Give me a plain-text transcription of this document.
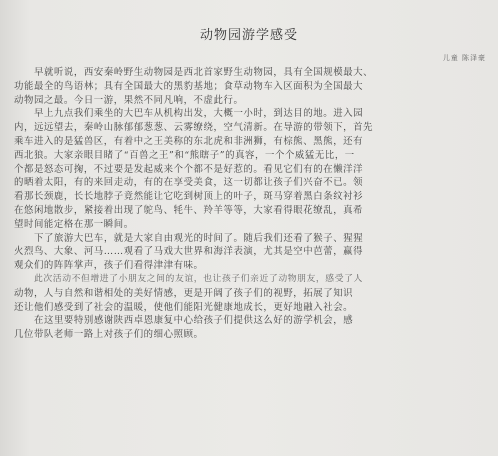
动物园游学感受
儿童 陈泽豪
早就听说，西安秦岭野生动物园是西北首家野生动物园，具有全国规模最大、
功能最全的鸟语林；具有全国最大的黑豹基地；食草动物车入区面积为全国最大
动物园之最。今日一游，果然不同凡响，不虚此行。
早上九点我们乘坐的大巴车从机构出发，大概一小时，到达目的地。进入园
内，远远望去，秦岭山脉郁郁葱葱、云雾缭绕，空气清新。在导游的带领下，首先
乘车进入的是猛兽区，有着中之王美称的东北虎和非洲狮，有棕熊、黑熊，还有
西北狼。大家亲眼目睹了“百兽之王”和“熊瞎子”的真容，一个个威猛无比，一
个都是怒态可掬，不过要是发起威来个个都不是好惹的。看见它们有的在懒洋洋
的晒着太阳，有的来回走动，有的在享受美食，这一切都让孩子们兴奋不已。领
看那长颈鹿，长长地脖子竟然能让它吃到树顶上的叶子，斑马穿着黑白条纹衬衫
在悠闲地散步，紧接着出现了鸵鸟、牦牛、羚羊等等，大家看得眼花缭乱，真希
望时间能定格在那一瞬间。
下了旅游大巴车，就是大家自由观光的时间了。随后我们还看了猴子、猩猩
火烈鸟、大象、河马……观看了马戏大世界和海洋表演，尤其是空中芭蕾，赢得
观众们的阵阵掌声，孩子们看得津津有味。
此次活动不但增进了小朋友之间的友谊，也让孩子们亲近了动物朋友，感受了人
动物，人与自然和谐相处的美好情感，更是开阔了孩子们的视野，拓展了知识
还让他们感受到了社会的温暖，使他们能阳光健康地成长，更好地融入社会。
在这里要特别感谢陕西卓恩康复中心给孩子们提供这么好的游学机会，感
几位带队老师一路上对孩子们的细心照顾。
